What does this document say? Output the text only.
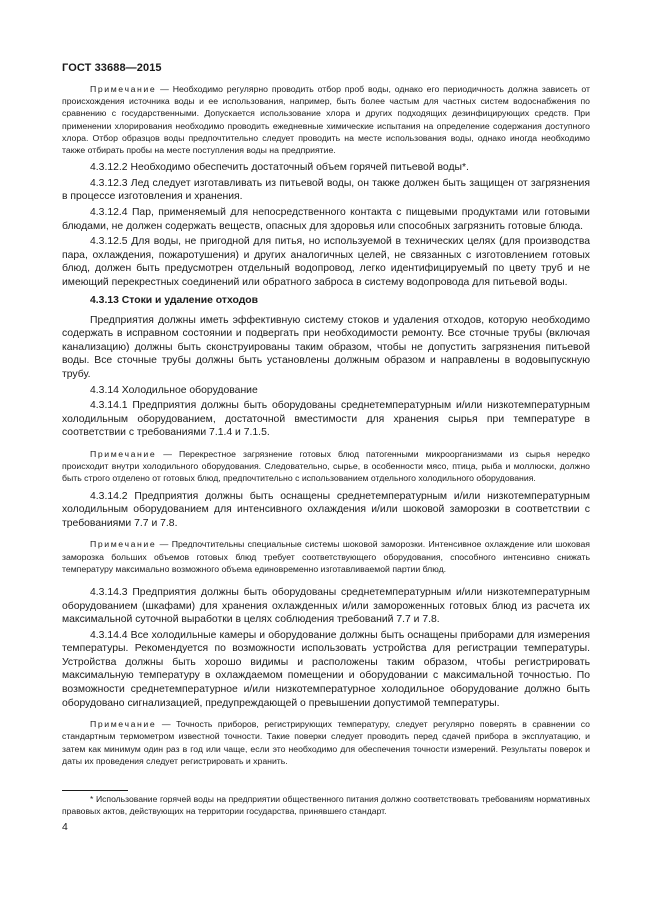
ГОСТ 33688—2015

Примечание — Необходимо регулярно проводить отбор проб воды, однако его периодичность должна зависеть от происхождения источника воды и ее использования, например, быть более частым для частных систем водоснабжения по сравнению с государственными. Допускается использование хлора и других подходящих дезинфицирующих средств. При применении хлорирования необходимо проводить ежедневные химические испытания на определение содержания доступного хлора. Отбор образцов воды предпочтительно следует проводить на месте использования воды, однако иногда необходимо также отбирать пробы на месте поступления воды на предприятие.

4.3.12.2 Необходимо обеспечить достаточный объем горячей питьевой воды*.

4.3.12.3 Лед следует изготавливать из питьевой воды, он также должен быть защищен от загрязнения в процессе изготовления и хранения.

4.3.12.4 Пар, применяемый для непосредственного контакта с пищевыми продуктами или готовыми блюдами, не должен содержать веществ, опасных для здоровья или способных загрязнить готовые блюда.

4.3.12.5 Для воды, не пригодной для питья, но используемой в технических целях (для производства пара, охлаждения, пожаротушения) и других аналогичных целей, не связанных с изготовлением готовых блюд, должен быть предусмотрен отдельный водопровод, легко идентифицируемый по цвету труб и не имеющий перекрестных соединений или обратного заброса в систему водопровода для питьевой воды.

4.3.13 Стоки и удаление отходов

Предприятия должны иметь эффективную систему стоков и удаления отходов, которую необходимо содержать в исправном состоянии и подвергать при необходимости ремонту. Все сточные трубы (включая канализацию) должны быть сконструированы таким образом, чтобы не допустить загрязнения питьевой воды. Все сточные трубы должны быть установлены должным образом и направлены в водовыпускную трубу.

4.3.14 Холодильное оборудование

4.3.14.1 Предприятия должны быть оборудованы среднетемпературным и/или низкотемпературным холодильным оборудованием, достаточной вместимости для хранения сырья при температуре в соответствии с требованиями 7.1.4 и 7.1.5.

Примечание — Перекрестное загрязнение готовых блюд патогенными микроорганизмами из сырья нередко происходит внутри холодильного оборудования. Следовательно, сырье, в особенности мясо, птица, рыба и моллюски, должно быть строго отделено от готовых блюд, предпочтительно с использованием отдельного холодильного оборудования.

4.3.14.2 Предприятия должны быть оснащены среднетемпературным и/или низкотемпературным холодильным оборудованием для интенсивного охлаждения и/или шоковой заморозки в соответствии с требованиями 7.7 и 7.8.

Примечание — Предпочтительны специальные системы шоковой заморозки. Интенсивное охлаждение или шоковая заморозка больших объемов готовых блюд требует соответствующего оборудования, способного интенсивно снижать температуру максимально возможного объема единовременно изготавливаемой партии блюд.

4.3.14.3 Предприятия должны быть оборудованы среднетемпературным и/или низкотемпературным оборудованием (шкафами) для хранения охлажденных и/или замороженных готовых блюд из расчета их максимальной суточной выработки в целях соблюдения требований 7.7 и 7.8.

4.3.14.4 Все холодильные камеры и оборудование должны быть оснащены приборами для измерения температуры. Рекомендуется по возможности использовать устройства для регистрации температуры. Устройства должны быть хорошо видимы и расположены таким образом, чтобы регистрировать максимальную температуру в охлаждаемом помещении и оборудовании с максимальной точностью. По возможности среднетемпературное и/или низкотемпературное холодильное оборудование должно быть оборудовано сигнализацией, предупреждающей о превышении допустимой температуры.

Примечание — Точность приборов, регистрирующих температуру, следует регулярно поверять в сравнении со стандартным термометром известной точности. Такие поверки следует проводить перед сдачей прибора в эксплуатацию, и затем как минимум один раз в год или чаще, если это необходимо для обеспечения точности измерений. Результаты поверок и даты их проведения следует регистрировать и хранить.

* Использование горячей воды на предприятии общественного питания должно соответствовать требованиям нормативных правовых актов, действующих на территории государства, принявшего стандарт.
4
